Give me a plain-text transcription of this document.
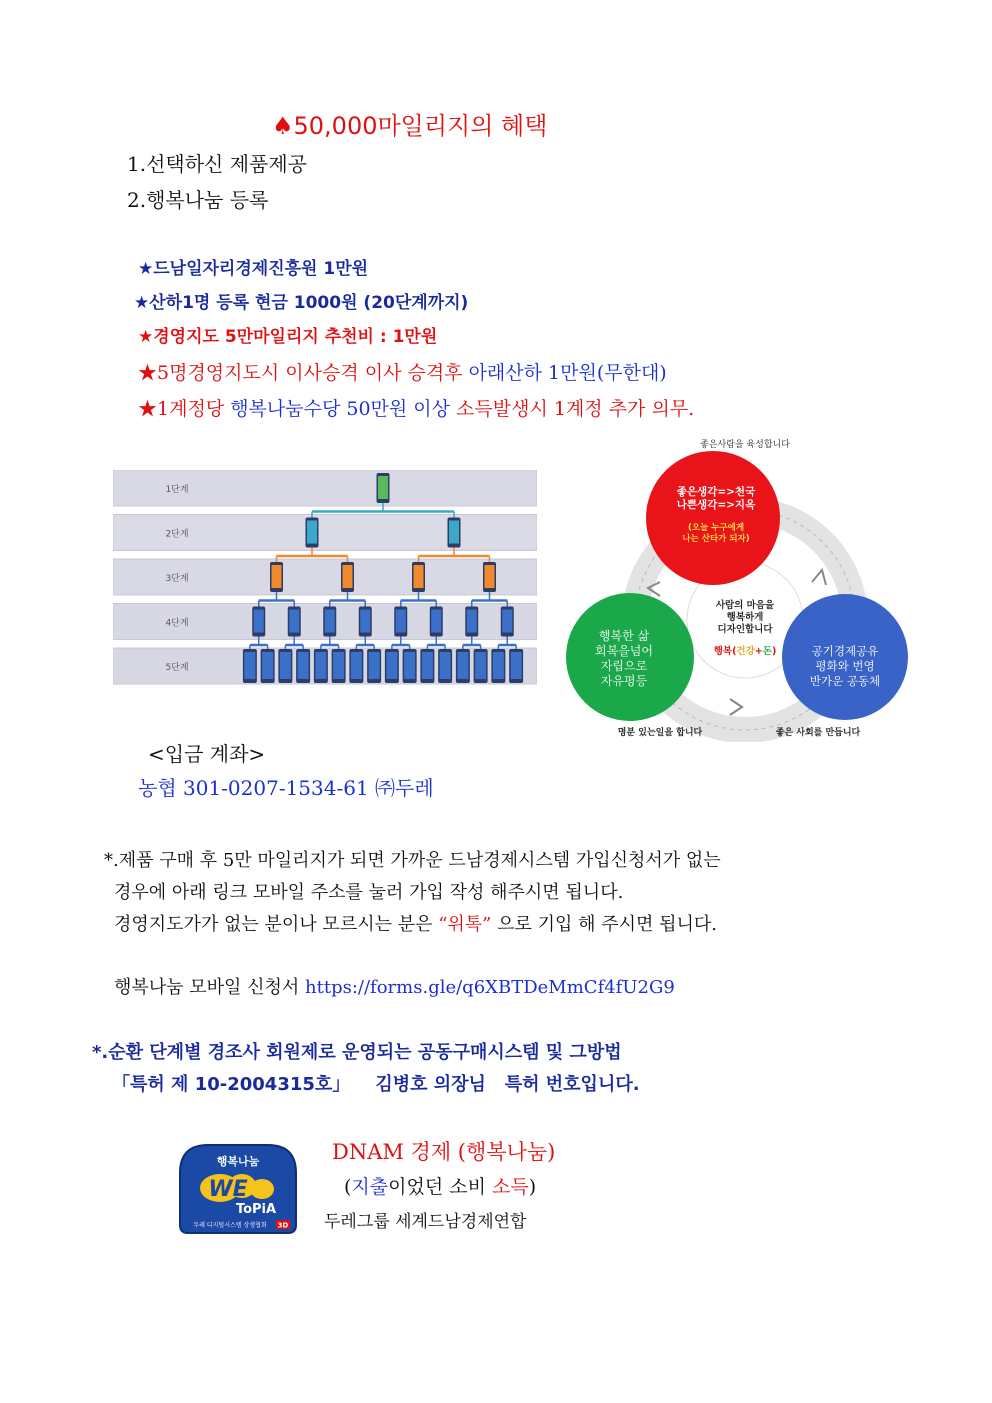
♠50,000마일리지의 혜택
1.선택하신 제품제공
2.행복나눔 등록
★드남일자리경제진흥원 1만원
★산하1명 등록 현금 1000원 (20단계까지)
★경영지도 5만마일리지 추천비 : 1만원
★5명경영지도시 이사승격 이사 승격후 아래산하 1만원(무한대)
★1계정당 행복나눔수당 50만원 이상 소득발생시 1계정 추가 의무.
1단계
2단계
3단계
4단계
5단계
좋은사람을 육성합니다
좋은생각=>천국
나쁜생각=>지옥
(오늘 누구에게
나는 산타가 되자)
행복한 삶
회복을넘어
자립으로
자유평등
공기경제공유
평화와 번영
반가운 공동체
사람의 마음을
행복하게
디자인합니다
행복(건강+돈)
명분 있는일을 합니다	좋은 사회를 만듭니다
<입금 계좌>
농협 301-0207-1534-61 ㈜두레
*.제품 구매 후 5만 마일리지가 되면 가까운 드남경제시스템 가입신청서가 없는
경우에 아래 링크 모바일 주소를 눌러 가입 작성 해주시면 됩니다.
경영지도가가 없는 분이나 모르시는 분은 “위톡” 으로 기입 해 주시면 됩니다.
행복나눔 모바일 신청서 https://forms.gle/q6XBTDeMmCf4fU2G9
*.순환 단계별 경조사 회원제로 운영되는 공동구매시스템 및 그방법
「특허 제 10-2004315호」    김병호 의장님   특허 번호입니다.
행복나눔
WE
ToPiA
두레 디지털시스템 상생협회 3D
DNAM 경제 (행복나눔)
(지출이었던 소비 소득)
두레그룹 세계드남경제연합
